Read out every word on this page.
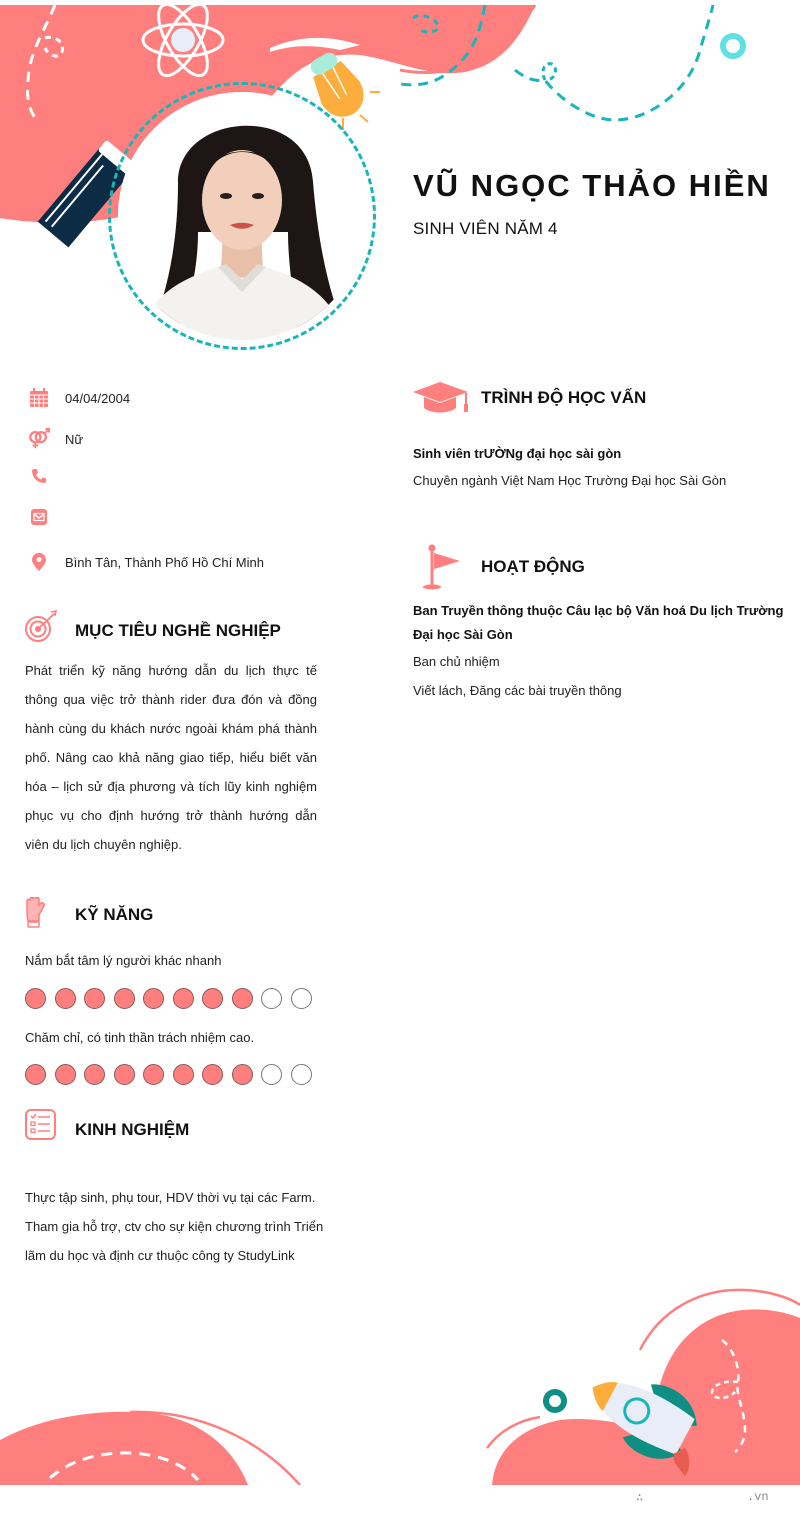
VŨ NGỌC THẢO HIỀN
SINH VIÊN NĂM 4
04/04/2004
Nữ
Bình Tân, Thành Phố Hồ Chí Minh
MỤC TIÊU NGHỀ NGHIỆP
Phát triển kỹ năng hướng dẫn du lịch thực tế thông qua việc trở thành rider đưa đón và đồng hành cùng du khách nước ngoài khám phá thành phố. Nâng cao khả năng giao tiếp, hiểu biết văn hóa – lịch sử địa phương và tích lũy kinh nghiệm phục vụ cho định hướng trở thành hướng dẫn viên du lịch chuyên nghiệp.
KỸ NĂNG
Nắm bắt tâm lý người khác nhanh
Chăm chỉ, có tinh thần trách nhiệm cao.
KINH NGHIỆM
Thực tập sinh, phụ tour, HDV thời vụ tại các Farm.
Tham gia hỗ trợ, ctv cho sự kiện chương trình Triển
lãm du học và định cư thuộc công ty StudyLink
TRÌNH ĐỘ HỌC VẤN
Sinh viên trƯỜNg đại học sài gòn
Chuyên ngành Việt Nam Học Trường Đại học Sài Gòn
HOẠT ĐỘNG
Ban Truyền thông thuộc Câu lạc bộ Văn hoá Du lịch Trường
Đại học Sài Gòn
Ban chủ nhiệm
Viết lách, Đăng các bài truyền thông
∴	.vn
